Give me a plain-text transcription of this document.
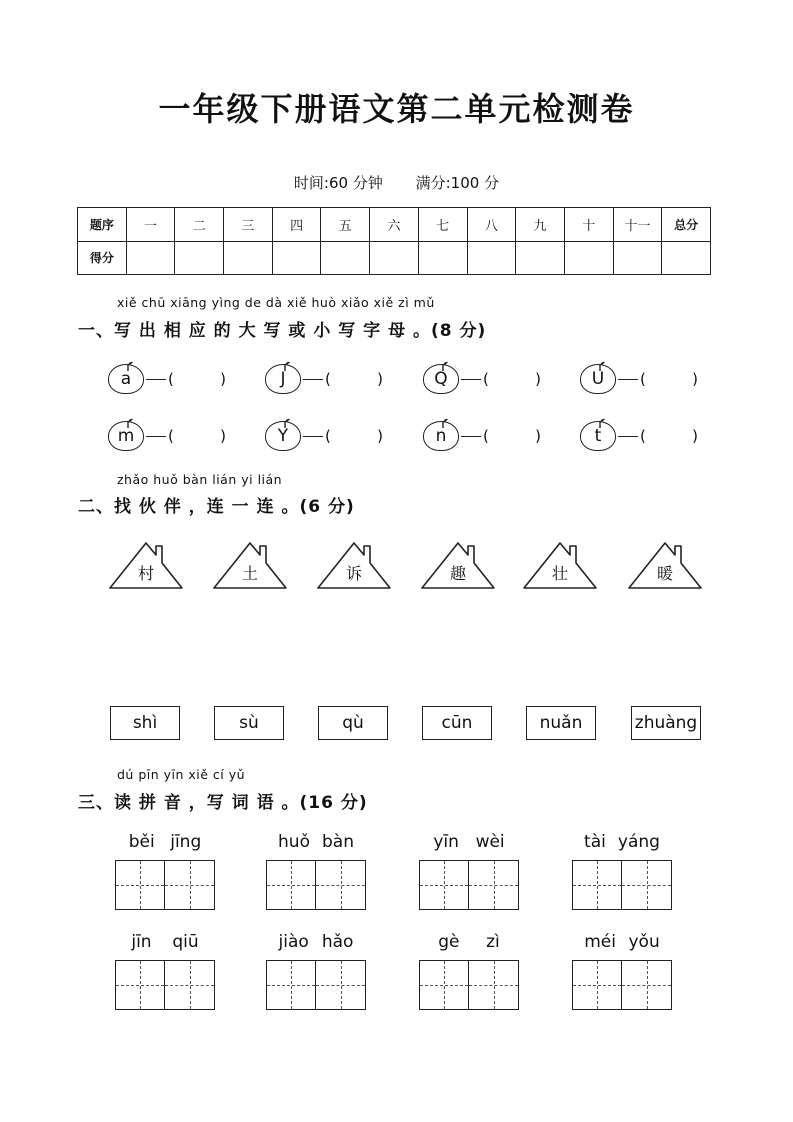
一年级下册语文第二单元检测卷
时间:60 分钟 满分:100 分
题序	一	二	三	四	五	六	七	八	九	十	十一	总分
得分												
xiě chū xiāng yìng de dà xiě huò xiǎo xiě zì mǔ
一、写 出 相 应 的 大 写 或 小 写 字 母 。(8 分)
a (	)	J	(	)	Q (	)	U (	)
m (	)	Y (	)	n (	)	t	(	)
zhǎo huǒ bàn lián yi lián
二、找 伙 伴 ，连 一 连 。(6 分)
村	土	诉	趣	壮	暖
shì	sù	qù	cūn	nuǎn	zhuàng
dú pīn yīn xiě cí yǔ
三、读 拼 音 ，写 词 语 。(16 分)
běi jīng	huǒ bàn	yīn wèi	tài yáng
jīn qiū	jiào hǎo	gè zì	méi yǒu
